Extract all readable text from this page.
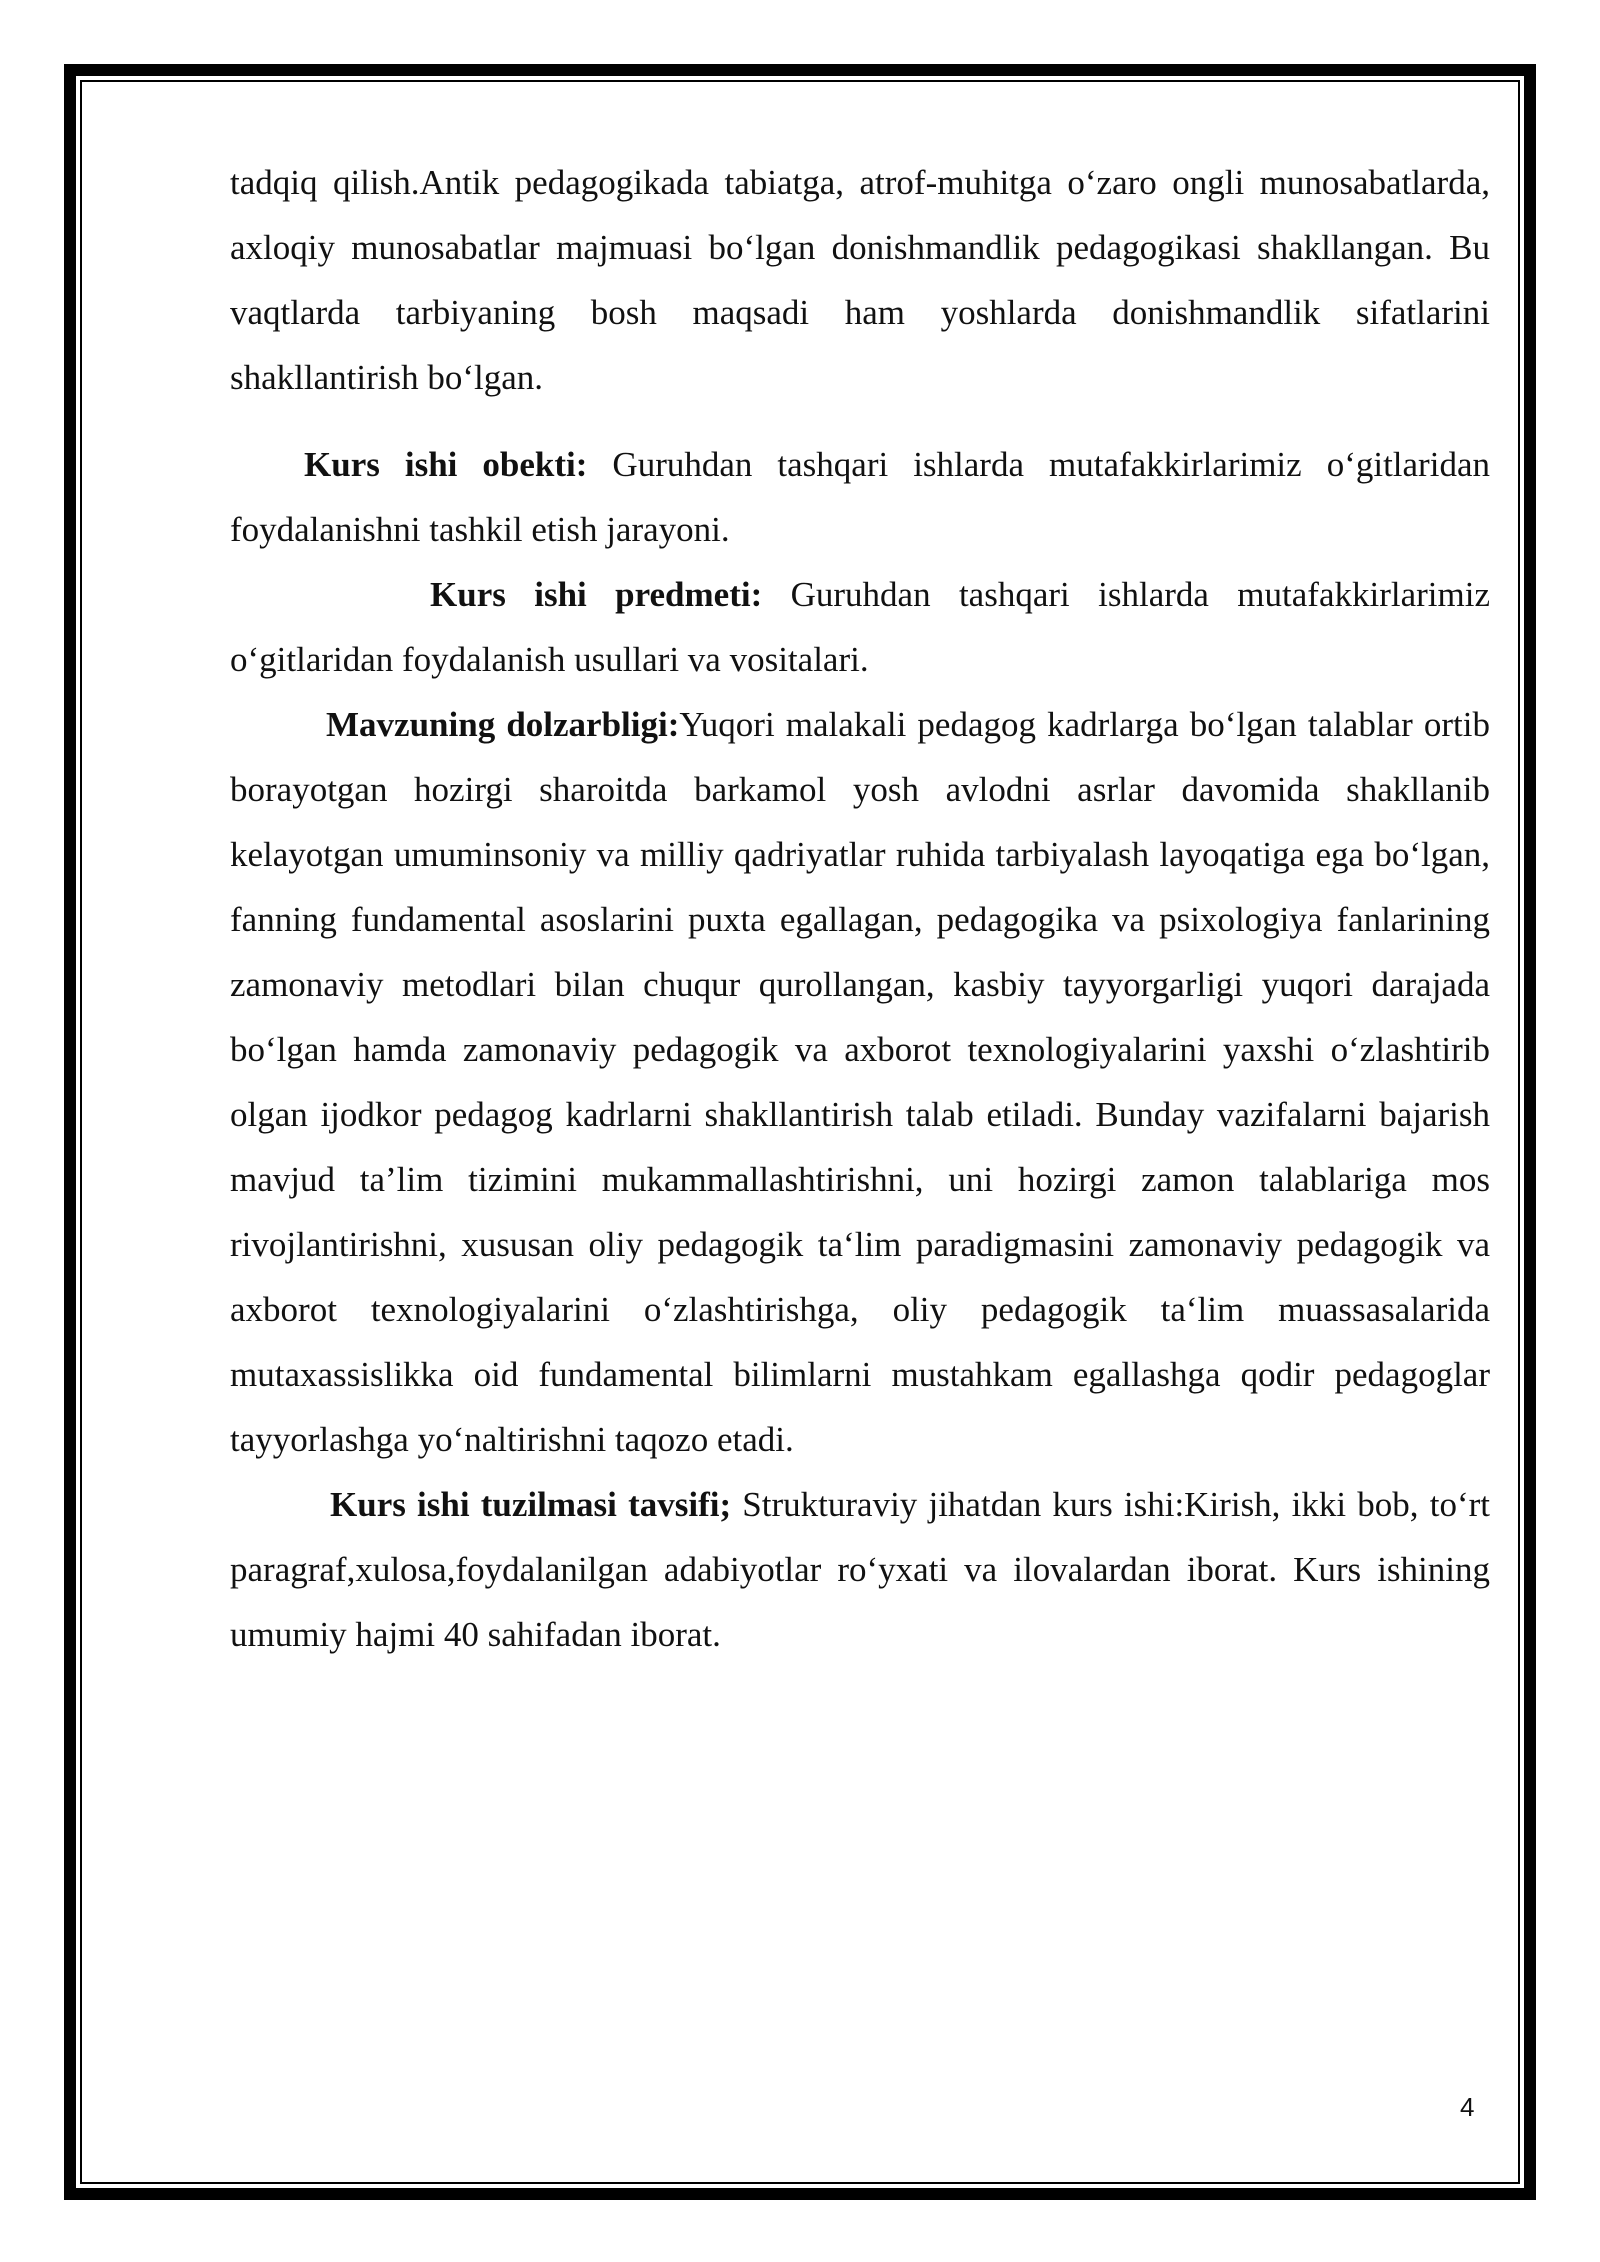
tadqiq qilish.Antik pedagogikada tabiatga, atrof-muhitga o‘zaro ongli munosabatlarda, axloqiy munosabatlar majmuasi bo‘lgan donishmandlik pedagogikasi shakllangan. Bu vaqtlarda tarbiyaning bosh maqsadi ham yoshlarda donishmandlik sifatlarini shakllantirish bo‘lgan.

Kurs ishi obekti: Guruhdan tashqari ishlarda mutafakkirlarimiz o‘gitlaridan foydalanishni tashkil etish jarayoni.

Kurs ishi predmeti: Guruhdan tashqari ishlarda mutafakkirlarimiz o‘gitlaridan foydalanish usullari va vositalari.

Mavzuning dolzarbligi:Yuqori malakali pedagog kadrlarga bo‘lgan talablar ortib borayotgan hozirgi sharoitda barkamol yosh avlodni asrlar davomida shakllanib kelayotgan umuminsoniy va milliy qadriyatlar ruhida tarbiyalash layoqatiga ega bo‘lgan, fanning fundamental asoslarini puxta egallagan, pedagogika va psixologiya fanlarining zamonaviy metodlari bilan chuqur qurollangan, kasbiy tayyorgarligi yuqori darajada bo‘lgan hamda zamonaviy pedagogik va axborot texnologiyalarini yaxshi o‘zlashtirib olgan ijodkor pedagog kadrlarni shakllantirish talab etiladi. Bunday vazifalarni bajarish mavjud ta’lim tizimini mukammallashtirishni, uni hozirgi zamon talablariga mos rivojlantirishni, xususan oliy pedagogik ta‘lim paradigmasini zamonaviy pedagogik va axborot texnologiyalarini o‘zlashtirishga, oliy pedagogik ta‘lim muassasalarida mutaxassislikka oid fundamental bilimlarni mustahkam egallashga qodir pedagoglar tayyorlashga yo‘naltirishni taqozo etadi.

Kurs ishi tuzilmasi tavsifi; Strukturaviy jihatdan kurs ishi:Kirish, ikki bob, to‘rt paragraf,xulosa,foydalanilgan adabiyotlar ro‘yxati va ilovalardan iborat. Kurs ishining umumiy hajmi 40 sahifadan iborat.

4
